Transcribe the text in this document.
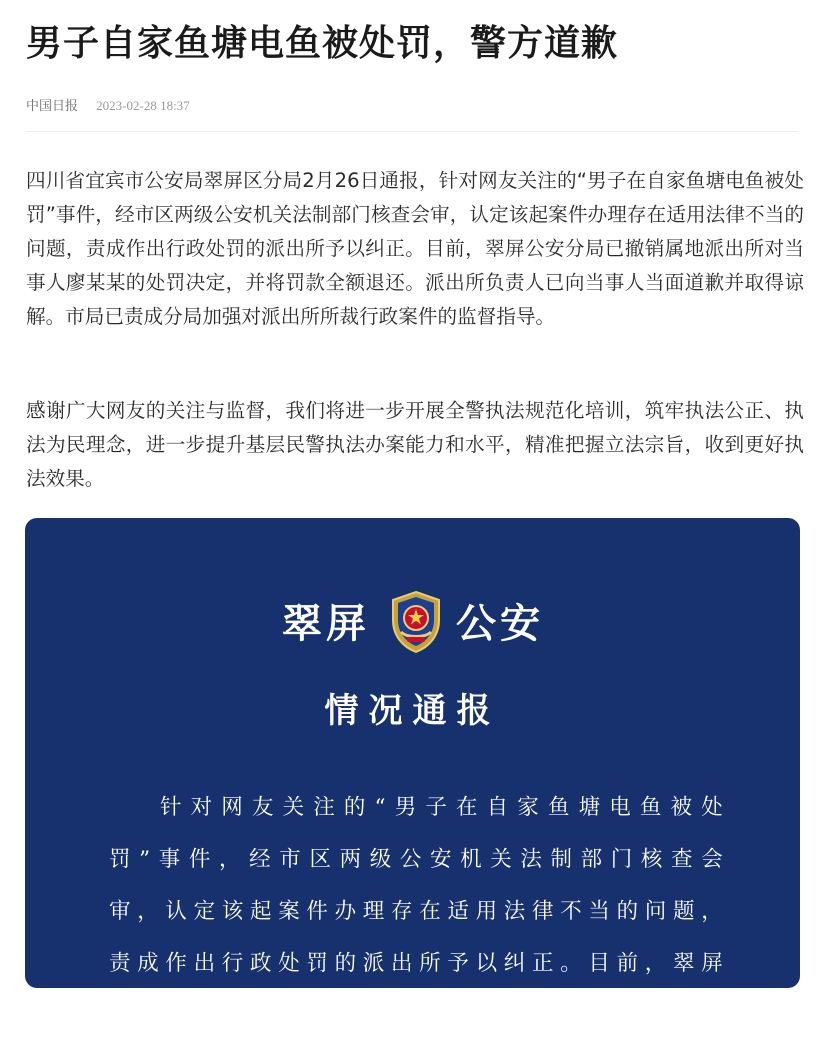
男子自家鱼塘电鱼被处罚，警方道歉
中国日报 2023-02-28 18:37

四川省宜宾市公安局翠屏区分局2月26日通报，针对网友关注的“男子在自家鱼塘电鱼被处罚”事件，经市区两级公安机关法制部门核查会审，认定该起案件办理存在适用法律不当的问题，责成作出行政处罚的派出所予以纠正。目前，翠屏公安分局已撤销属地派出所对当事人廖某某的处罚决定，并将罚款全额退还。派出所负责人已向当事人当面道歉并取得谅解。市局已责成分局加强对派出所所裁行政案件的监督指导。

感谢广大网友的关注与监督，我们将进一步开展全警执法规范化培训，筑牢执法公正、执法为民理念，进一步提升基层民警执法办案能力和水平，精准把握立法宗旨，收到更好执法效果。

翠屏 公安
情况通报

针对网友关注的“男子在自家鱼塘电鱼被处罚”事件，经市区两级公安机关法制部门核查会审，认定该起案件办理存在适用法律不当的问题，责成作出行政处罚的派出所予以纠正。目前，翠屏公安分
